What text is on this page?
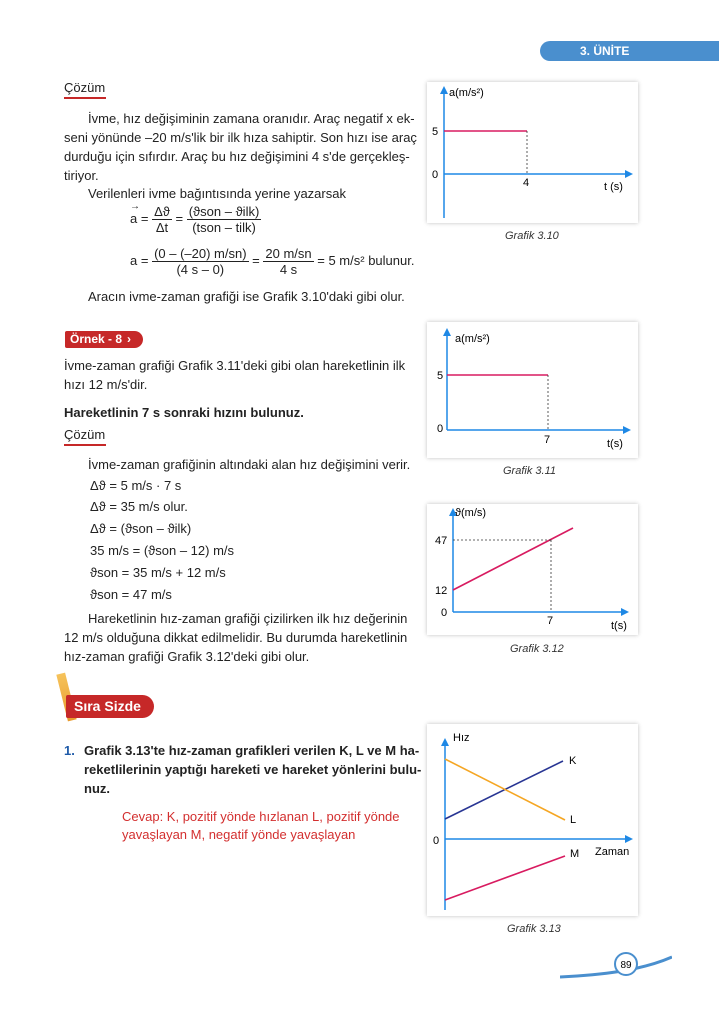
3. ÜNİTE
Çözüm
İvme, hız değişiminin zamana oranıdır. Araç negatif x ek-
seni yönünde –20 m/s'lik bir ilk hıza sahiptir. Son hızı ise araç
durduğu için sıfırdır. Araç bu hız değişimini 4 s'de gerçekleş-
tiriyor.
Verilenleri ivme bağıntısında yerine yazarsak
→ $a = \frac{\Delta ϑ}{\Delta t} = \frac{\text{(ϑson – ϑilk)}}{\text{(tson – tilk)}}$
$a = \frac{(0 - (-20) m/sn)}{(4 s - 0)} = \frac{20 m/sn}{4 s} = 5$ m/s² bulunur.
Aracın ivme-zaman grafiği ise Grafik 3.10'daki gibi olur.
Örnek - 8 ›
İvme-zaman grafiği Grafik 3.11'deki gibi olan hareketlinin ilk
hızı 12 m/s'dir.
Hareketlinin 7 s sonraki hızını bulunuz.
Çözüm
İvme-zaman grafiğinin altındaki alan hız değişimini verir.
Δϑ = 5 m/s · 7 s
Δϑ = 35 m/s olur.
Δϑ = (ϑson – ϑilk)
35 m/s = (ϑson – 12) m/s
ϑson = 35 m/s + 12 m/s
ϑson = 47 m/s
Hareketlinin hız-zaman grafiği çizilirken ilk hız değerinin
12 m/s olduğuna dikkat edilmelidir. Bu durumda hareketlinin
hız-zaman grafiği Grafik 3.12'deki gibi olur.
Sıra Sizde
1. Grafik 3.13'te hız-zaman grafikleri verilen K, L ve M ha-
reketlilerinin yaptığı hareketi ve hareket yönlerini bulu-
nuz.
Cevap: K, pozitif yönde hızlanan L, pozitif yönde
yavaşlayan M, negatif yönde yavaşlayan
a(m/s²)
5
0
4	t (s)
Grafik 3.10
a(m/s²)
5
0
7	t(s)
Grafik 3.11
ϑ(m/s)
47
12
0
7	t(s)
Grafik 3.12
Hız
0
K
L
M Zaman
Grafik 3.13
89
